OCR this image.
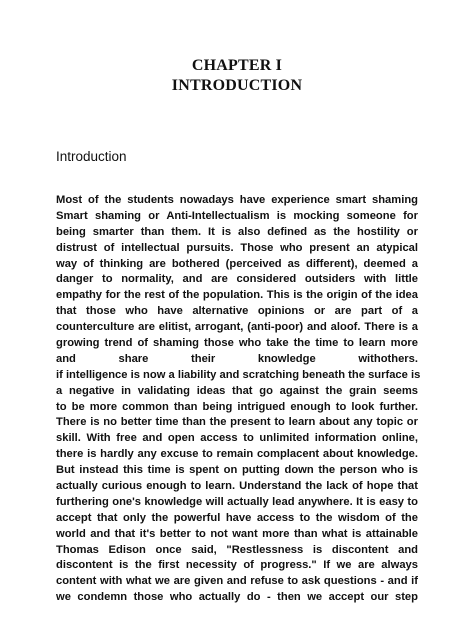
CHAPTER I
INTRODUCTION
Introduction
Most of the students nowadays have experience smart shaming
Smart shaming or Anti-Intellectualism is mocking someone for
being smarter than them. It is also defined as the hostility or
distrust of intellectual pursuits. Those who present an atypical
way of thinking are bothered (perceived as different), deemed a
danger to normality, and are considered outsiders with little
empathy for the rest of the population. This is the origin of the idea
that those who have alternative opinions or are part of a
counterculture are elitist, arrogant, (anti-poor) and aloof. There is a
growing trend of shaming those who take the time to learn more
and share their knowledge withothers.
if intelligence is now a liability and scratching beneath the surface is
a negative in validating ideas that go against the grain seems
to be more common than being intrigued enough to look further.
There is no better time than the present to learn about any topic or
skill. With free and open access to unlimited information online,
there is hardly any excuse to remain complacent about knowledge.
But instead this time is spent on putting down the person who is
actually curious enough to learn. Understand the lack of hope that
furthering one's knowledge will actually lead anywhere. It is easy to
accept that only the powerful have access to the wisdom of the
world and that it's better to not want more than what is attainable
Thomas Edison once said, "Restlessness is discontent and
discontent is the first necessity of progress." If we are always
content with what we are given and refuse to ask questions - and if
we condemn those who actually do - then we accept our step
